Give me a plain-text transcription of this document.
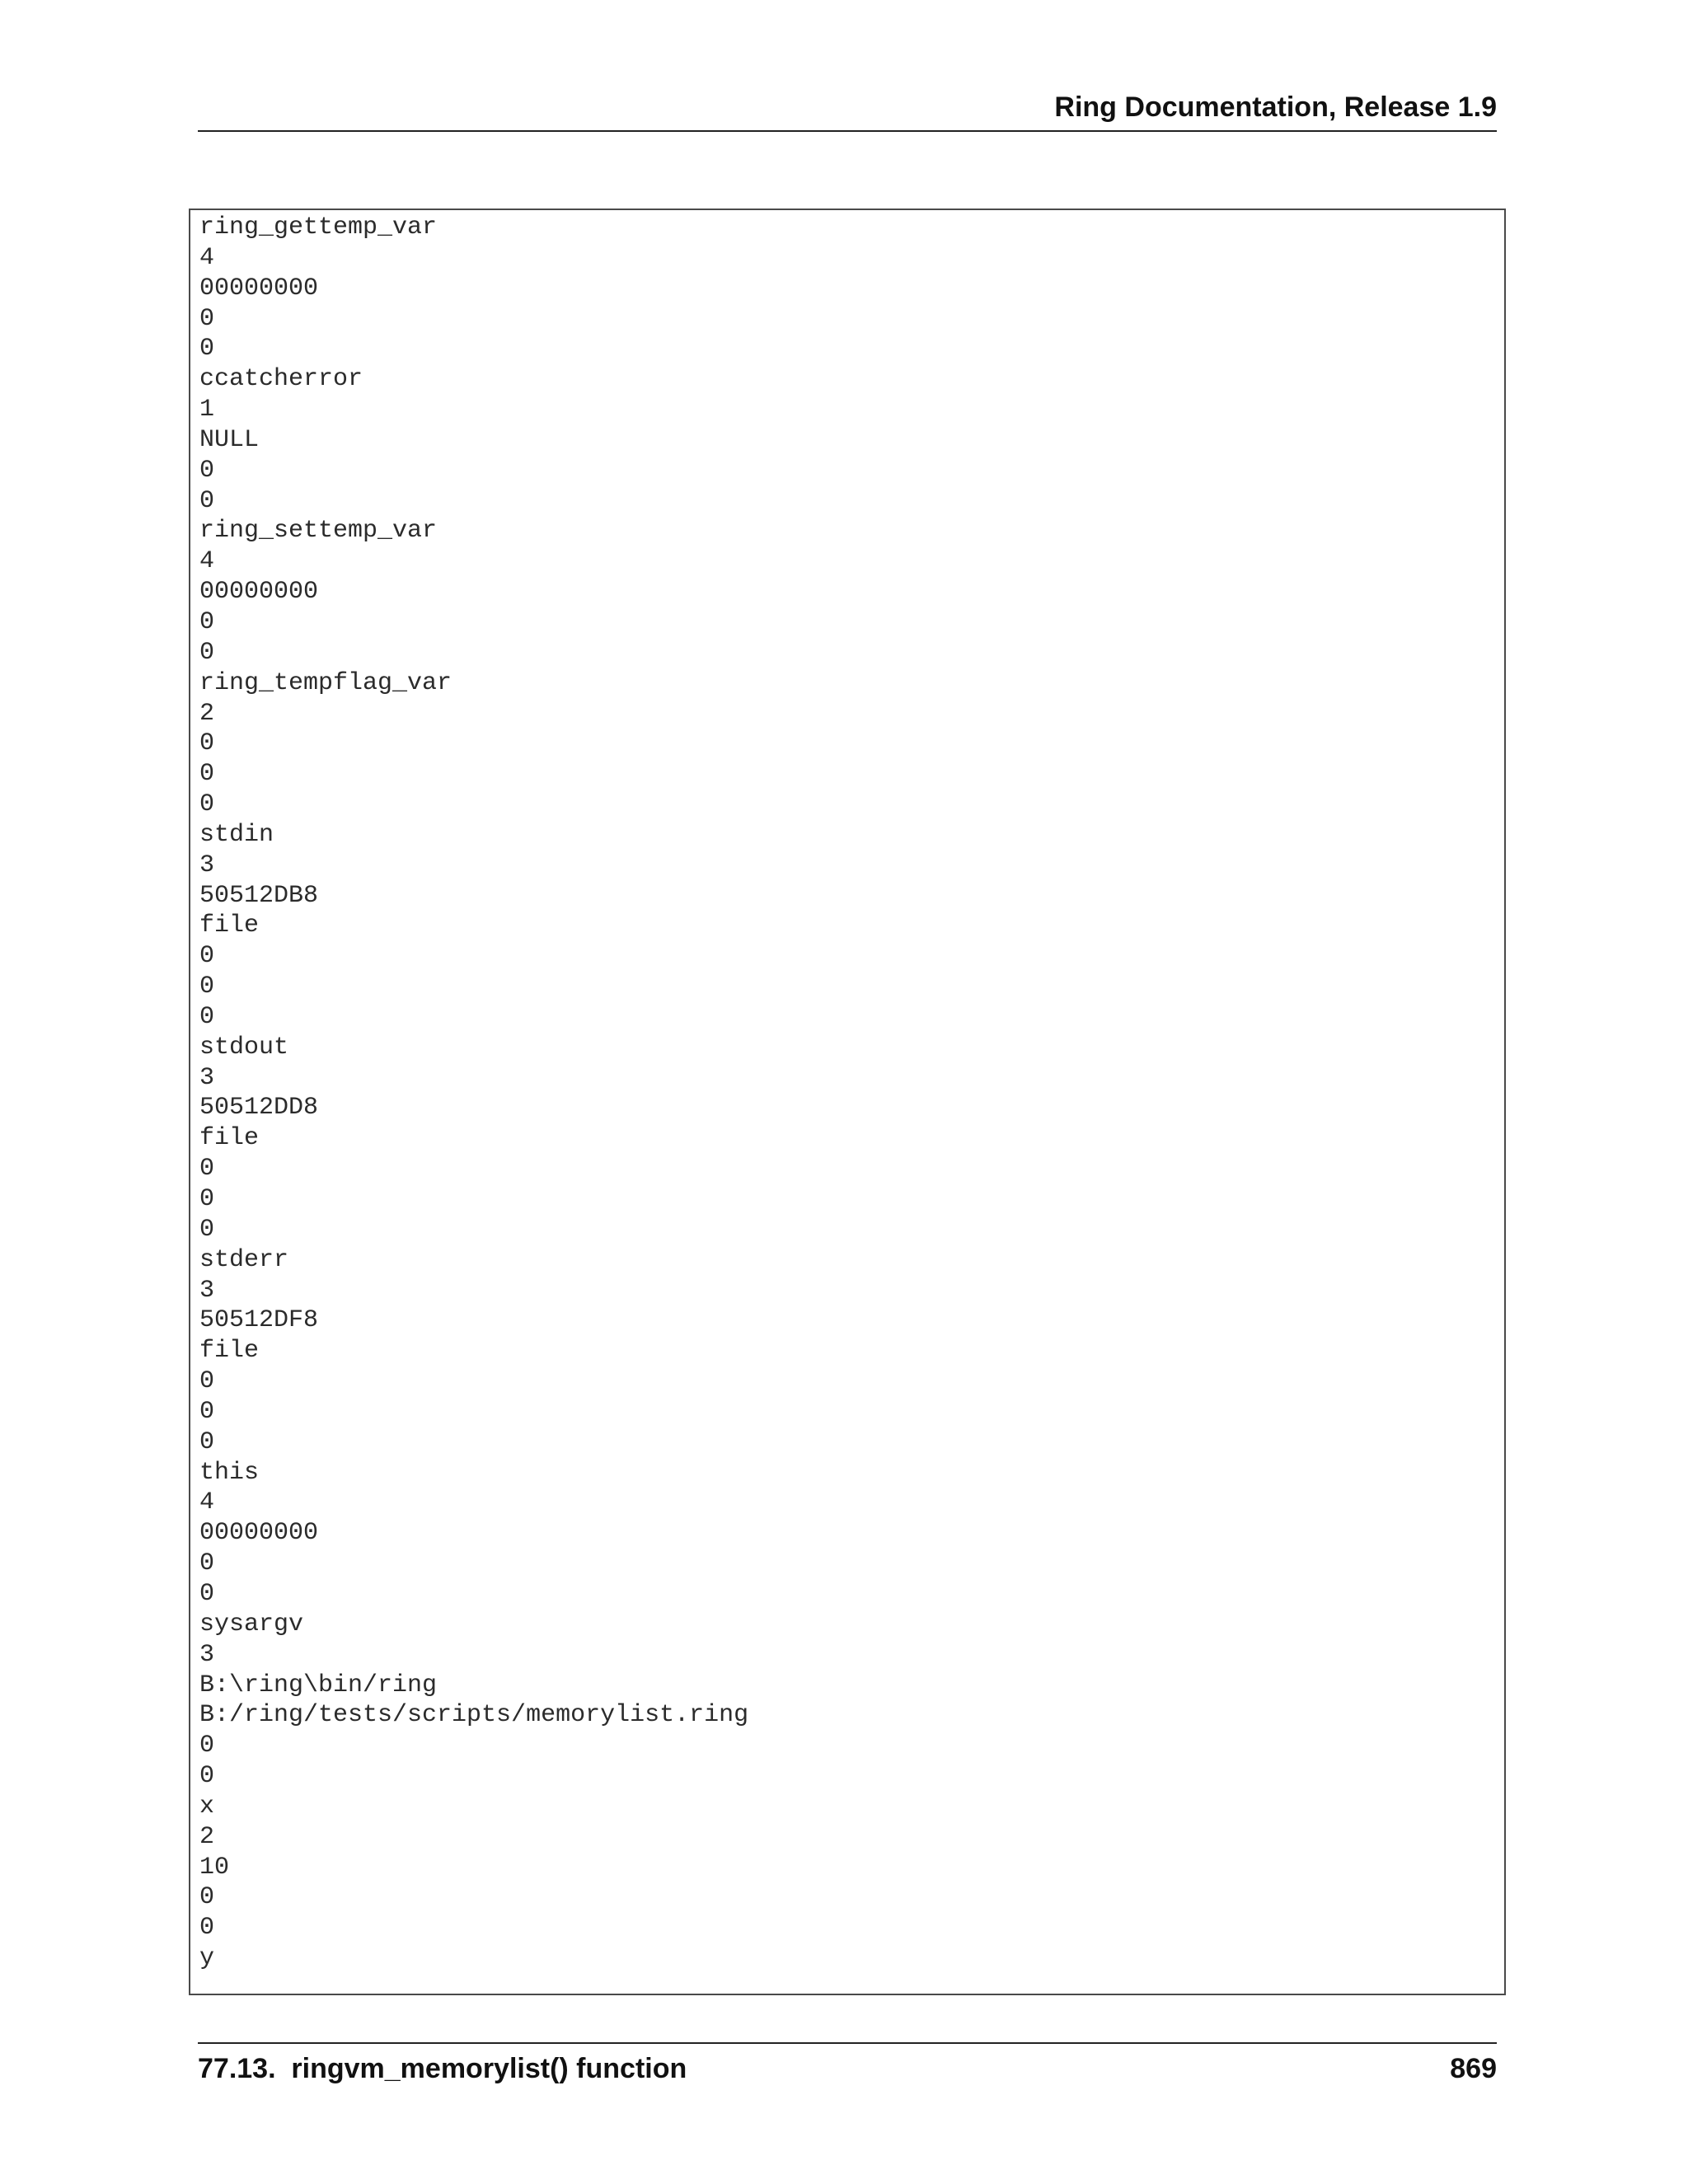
Ring Documentation, Release 1.9
ring_gettemp_var
4
00000000
0
0
ccatcherror
1
NULL
0
0
ring_settemp_var
4
00000000
0
0
ring_tempflag_var
2
0
0
0
stdin
3
50512DB8
file
0
0
0
stdout
3
50512DD8
file
0
0
0
stderr
3
50512DF8
file
0
0
0
this
4
00000000
0
0
sysargv
3
B:\ring\bin/ring
B:/ring/tests/scripts/memorylist.ring
0
0
x
2
10
0
0
y
77.13.  ringvm_memorylist() function	869
